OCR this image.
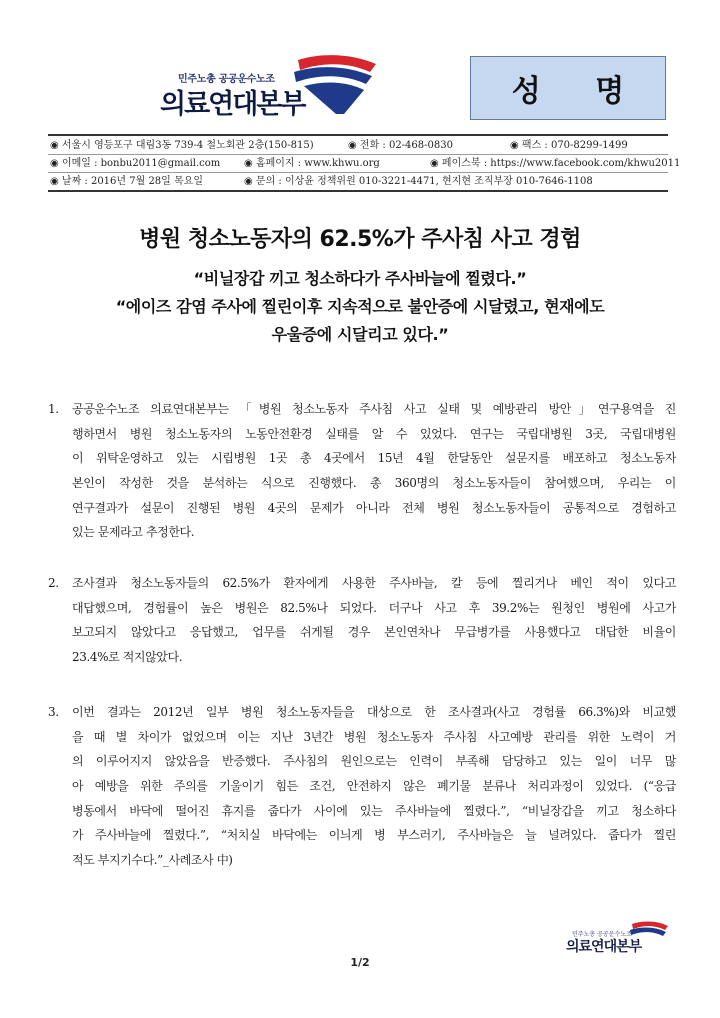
민주노총 공공운수노조
의료연대본부	성 명
◉ 서울시 영등포구 대림3동 739-4 철노회관 2층(150-815)	◉ 전화 : 02-468-0830	◉ 팩스 : 070-8299-1499
◉ 이메일 : bonbu2011@gmail.com ◉ 홈페이지 : www.khwu.org	◉ 페이스북 : https://www.facebook.com/khwu2011
◉ 날짜 : 2016년 7월 28일 목요일	◉ 문의 : 이상윤 정책위원 010-3221-4471, 현지현 조직부장 010-7646-1108
병원 청소노동자의 62.5%가 주사침 사고 경험
“비닐장갑 끼고 청소하다가 주사바늘에 찔렸다.”
“에이즈 감염 주사에 찔린이후 지속적으로 불안증에 시달렸고, 현재에도
우울증에 시달리고 있다.”
1. 공공운수노조 의료연대본부는 「병원 청소노동자 주사침 사고 실태 및 예방관리 방안」연구용역을 진
행하면서 병원 청소노동자의 노동안전환경 실태를 알 수 있었다. 연구는 국립대병원 3곳, 국립대병원
이 위탁운영하고 있는 시립병원 1곳 총 4곳에서 15년 4월 한달동안 설문지를 배포하고 청소노동자
본인이 작성한 것을 분석하는 식으로 진행했다. 총 360명의 청소노동자들이 참여했으며, 우리는 이
연구결과가 설문이 진행된 병원 4곳의 문제가 아니라 전체 병원 청소노동자들이 공통적으로 경험하고
있는 문제라고 추정한다.
2. 조사결과 청소노동자들의 62.5%가 환자에게 사용한 주사바늘, 칼 등에 찔리거나 베인 적이 있다고
대답했으며, 경험률이 높은 병원은 82.5%나 되었다. 더구나 사고 후 39.2%는 원청인 병원에 사고가
보고되지 않았다고 응답했고, 업무를 쉬게될 경우 본인연차나 무급병가를 사용했다고 대답한 비율이
23.4%로 적지않았다.
3. 이번 결과는 2012년 일부 병원 청소노동자들을 대상으로 한 조사결과(사고 경험률 66.3%)와 비교했
을 때 별 차이가 없었으며 이는 지난 3년간 병원 청소노동자 주사침 사고예방 관리를 위한 노력이 거
의 이루어지지 않았음을 반증했다. 주사침의 원인으로는 인력이 부족해 담당하고 있는 일이 너무 많
아 예방을 위한 주의를 기울이기 힘든 조건, 안전하지 않은 폐기물 분류나 처리과정이 있었다. (“응급
병동에서 바닥에 떨어진 휴지를 줍다가 사이에 있는 주사바늘에 찔렸다.”, “비닐장갑을 끼고 청소하다
가 주사바늘에 찔렸다.”, “처치실 바닥에는 이늬게 병 부스러기, 주사바늘은 늘 널려있다. 줍다가 찔린
적도 부지기수다.”_사례조사 中)
민주노총 공공운수노조
의료연대본부
1/2
